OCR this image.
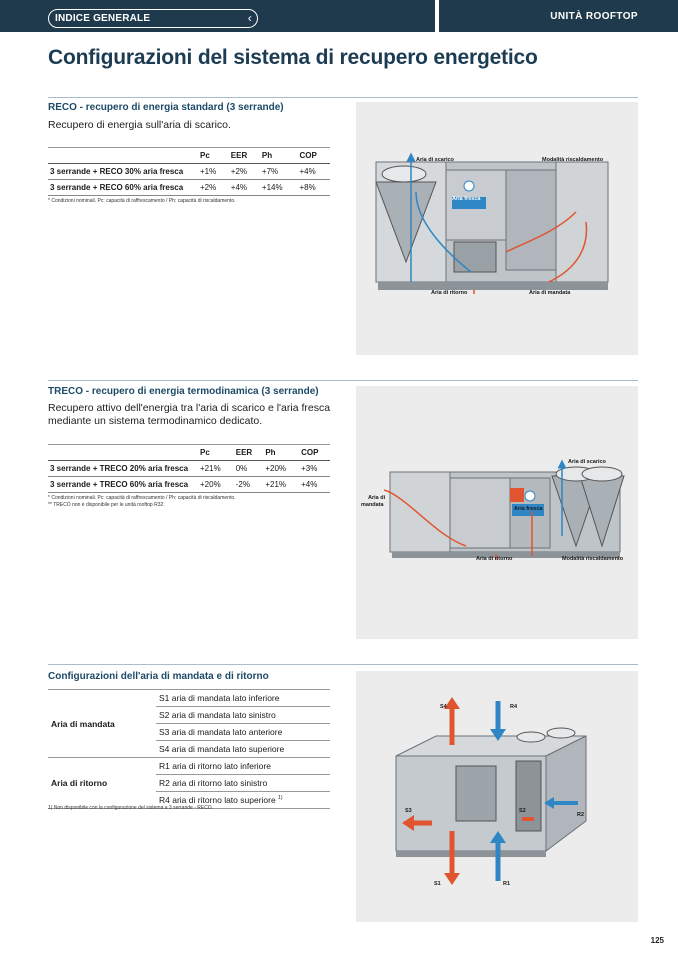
INDICE GENERALE	‹	UNITÀ ROOFTOP
Configurazioni del sistema di recupero energetico
RECO - recupero di energia standard (3 serrande)
Recupero di energia sull'aria di scarico.
	Pc	EER	Ph	COP
3 serrande + RECO 30% aria fresca	+1%	+2%	+7%	+4%
3 serrande + RECO 60% aria fresca	+2%	+4%	+14%	+8%
* Condizioni nominali. Pc: capacità di raffrescamento / Ph: capacità di riscaldamento.
Aria di scarico	Modalità riscaldamento
Aria fresca
Aria di ritorno	Aria di mandata
TRECO - recupero di energia termodinamica (3 serrande)
Recupero attivo dell'energia tra l'aria di scarico e l'aria fresca mediante un sistema termodinamico dedicato.
	Pc	EER	Ph	COP
3 serrande + TRECO 20% aria fresca	+21%	0%	+20%	+3%
3 serrande + TRECO 60% aria fresca	+20%	-2%	+21%	+4%
* Condizioni nominali. Pc: capacità di raffrescamento / Ph: capacità di riscaldamento.
** TRECO non è disponibile per le unità rooftop R32.
Aria di scarico
Aria di
mandata
Aria fresca
Aria di ritorno	Modalità riscaldamento
Configurazioni dell'aria di mandata e di ritorno
Aria di mandata	S1 aria di mandata lato inferiore
	S2 aria di mandata lato sinistro
	S3 aria di mandata lato anteriore
	S4 aria di mandata lato superiore
Aria di ritorno	R1 aria di ritorno lato inferiore
	R2 aria di ritorno lato sinistro
	R4 aria di ritorno lato superiore $^{1)}$
1) Non disponibile con la configurazione del sistema a 3 serrande - RECO.
S4	R4
S3	S2
R2
S1	R1
125
